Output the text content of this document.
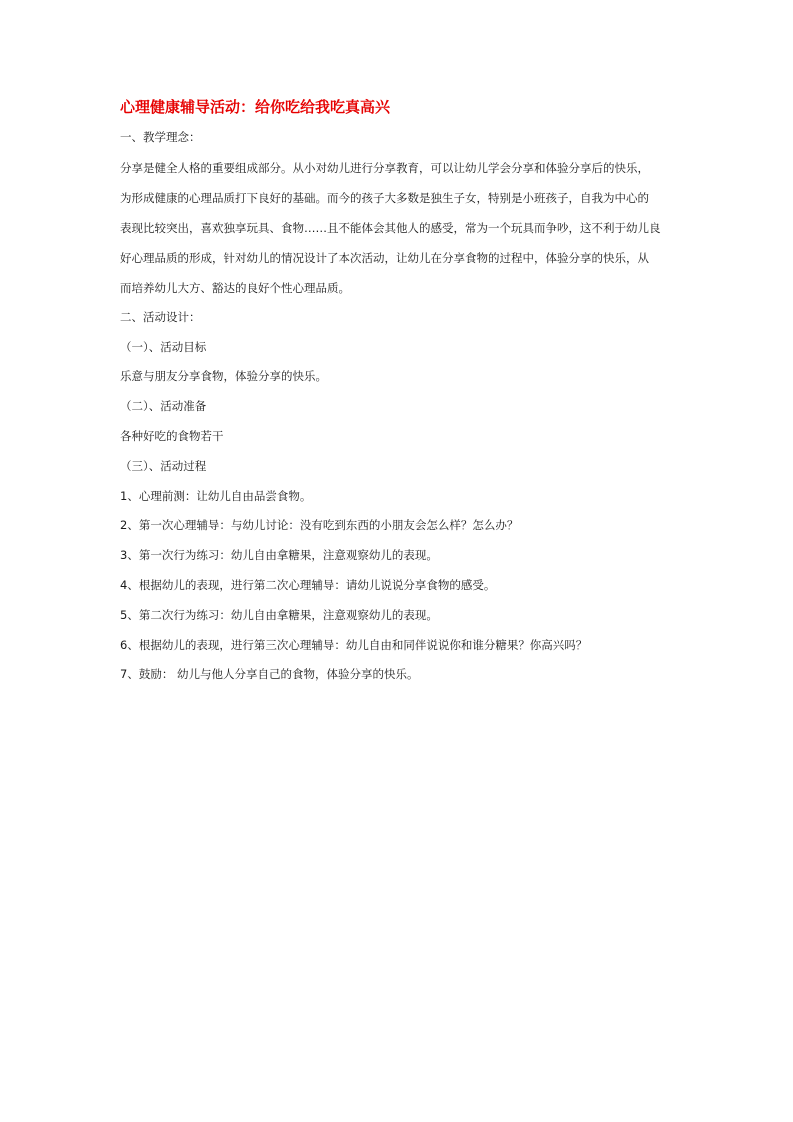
心理健康辅导活动：给你吃给我吃真高兴

一、教学理念：

分享是健全人格的重要组成部分。从小对幼儿进行分享教育，可以让幼儿学会分享和体验分享后的快乐，
为形成健康的心理品质打下良好的基础。而今的孩子大多数是独生子女，特别是小班孩子，自我为中心的
表现比较突出，喜欢独享玩具、食物……且不能体会其他人的感受，常为一个玩具而争吵，这不利于幼儿良
好心理品质的形成，针对幼儿的情况设计了本次活动，让幼儿在分享食物的过程中，体验分享的快乐，从
而培养幼儿大方、豁达的良好个性心理品质。

二、活动设计：

（一）、活动目标

乐意与朋友分享食物，体验分享的快乐。

（二）、活动准备

各种好吃的食物若干

（三）、活动过程

1、心理前测：让幼儿自由品尝食物。

2、第一次心理辅导：与幼儿讨论：没有吃到东西的小朋友会怎么样？怎么办？

3、第一次行为练习：幼儿自由拿糖果，注意观察幼儿的表现。

4、根据幼儿的表现，进行第二次心理辅导：请幼儿说说分享食物的感受。

5、第二次行为练习：幼儿自由拿糖果，注意观察幼儿的表现。

6、根据幼儿的表现，进行第三次心理辅导：幼儿自由和同伴说说你和谁分糖果？你高兴吗？

7、鼓励： 幼儿与他人分享自己的食物，体验分享的快乐。
